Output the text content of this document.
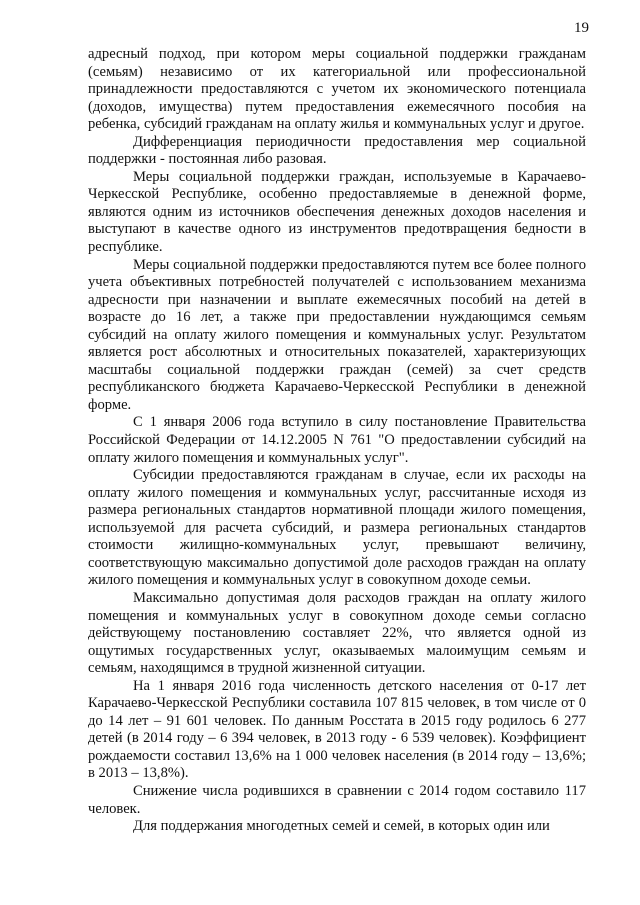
19

адресный подход, при котором меры социальной поддержки гражданам (семьям) независимо от их категориальной или профессиональной принадлежности предоставляются с учетом их экономического потенциала (доходов, имущества) путем предоставления ежемесячного пособия на ребенка, субсидий гражданам на оплату жилья и коммунальных услуг и другое.

Дифференциация периодичности предоставления мер социальной поддержки - постоянная либо разовая.

Меры социальной поддержки граждан, используемые в Карачаево-Черкесской Республике, особенно предоставляемые в денежной форме, являются одним из источников обеспечения денежных доходов населения и выступают в качестве одного из инструментов предотвращения бедности в республике.

Меры социальной поддержки предоставляются путем все более полного учета объективных потребностей получателей с использованием механизма адресности при назначении и выплате ежемесячных пособий на детей в возрасте до 16 лет, а также при предоставлении нуждающимся семьям субсидий на оплату жилого помещения и коммунальных услуг. Результатом является рост абсолютных и относительных показателей, характеризующих масштабы социальной поддержки граждан (семей) за счет средств республиканского бюджета Карачаево-Черкесской Республики в денежной форме.

С 1 января 2006 года вступило в силу постановление Правительства Российской Федерации от 14.12.2005 N 761 "О предоставлении субсидий на оплату жилого помещения и коммунальных услуг".

Субсидии предоставляются гражданам в случае, если их расходы на оплату жилого помещения и коммунальных услуг, рассчитанные исходя из размера региональных стандартов нормативной площади жилого помещения, используемой для расчета субсидий, и размера региональных стандартов стоимости жилищно-коммунальных услуг, превышают величину, соответствующую максимально допустимой доле расходов граждан на оплату жилого помещения и коммунальных услуг в совокупном доходе семьи.

Максимально допустимая доля расходов граждан на оплату жилого помещения и коммунальных услуг в совокупном доходе семьи согласно действующему постановлению составляет 22%, что является одной из ощутимых государственных услуг, оказываемых малоимущим семьям и семьям, находящимся в трудной жизненной ситуации.

На 1 января 2016 года численность детского населения от 0-17 лет Карачаево-Черкесской Республики составила 107 815 человек, в том числе от 0 до 14 лет – 91 601 человек. По данным Росстата в 2015 году родилось 6 277 детей (в 2014 году – 6 394 человек, в 2013 году - 6 539 человек). Коэффициент рождаемости составил 13,6% на 1 000 человек населения (в 2014 году – 13,6%; в 2013 – 13,8%).

Снижение числа родившихся в сравнении с 2014 годом составило 117 человек.

Для поддержания многодетных семей и семей, в которых один или
